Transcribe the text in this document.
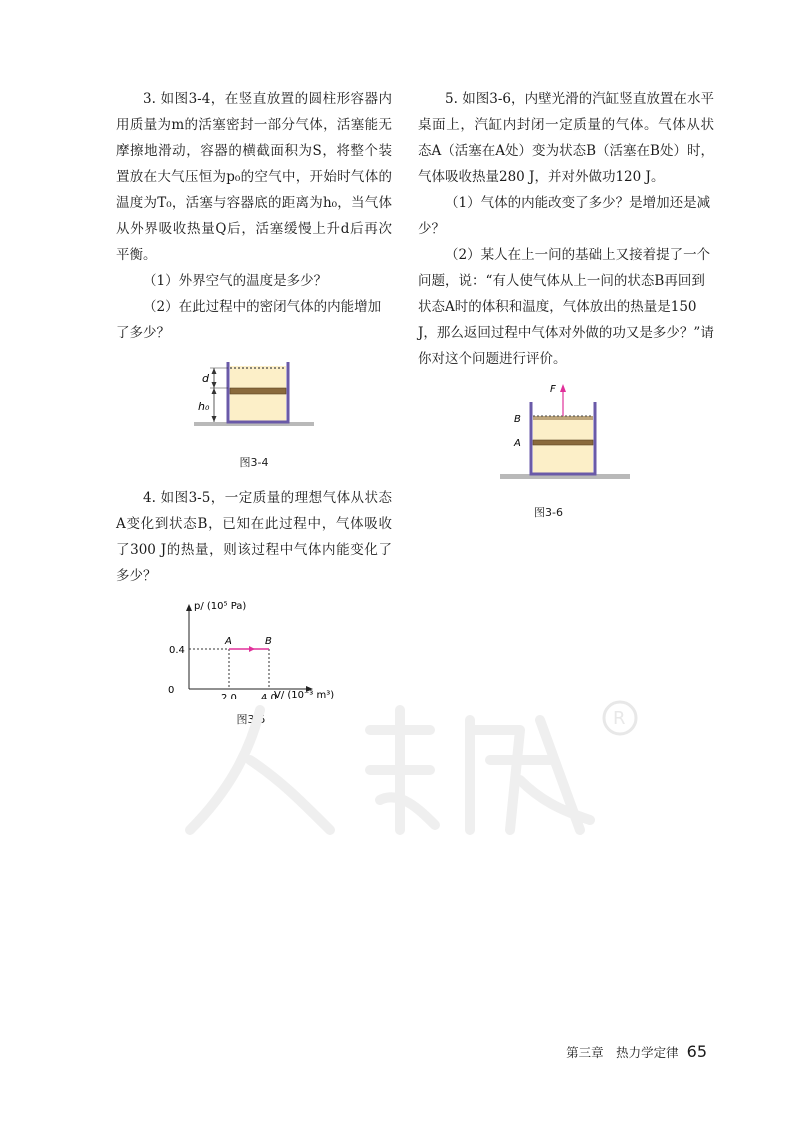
3. 如图3-4，在竖直放置的圆柱形容器内用质量为m的活塞密封一部分气体，活塞能无摩擦地滑动，容器的横截面积为S，将整个装置放在大气压恒为p₀的空气中，开始时气体的温度为T₀，活塞与容器底的距离为h₀，当气体从外界吸收热量Q后，活塞缓慢上升d后再次平衡。

（1）外界空气的温度是多少？

（2）在此过程中的密闭气体的内能增加了多少？

d
h₀
图3-4

4. 如图3-5，一定质量的理想气体从状态A变化到状态B，已知在此过程中，气体吸收了300 J的热量，则该过程中气体内能变化了多少？

p/ (10⁵ Pa)
V/ (10⁻³ m³)
0
A	B
2.0 4.0
0.4
图3-5

5. 如图3-6，内壁光滑的汽缸竖直放置在水平桌面上，汽缸内封闭一定质量的气体。气体从状态A（活塞在A处）变为状态B（活塞在B处）时，气体吸收热量280 J，并对外做功120 J。

（1）气体的内能改变了多少？是增加还是减少？

（2）某人在上一问的基础上又接着提了一个问题，说：“有人使气体从上一问的状态B再回到状态A时的体积和温度，气体放出的热量是150 J，那么返回过程中气体对外做的功又是多少？”请你对这个问题进行评价。

F
B
A
图3-6
R
第三章　热力学定律 65
